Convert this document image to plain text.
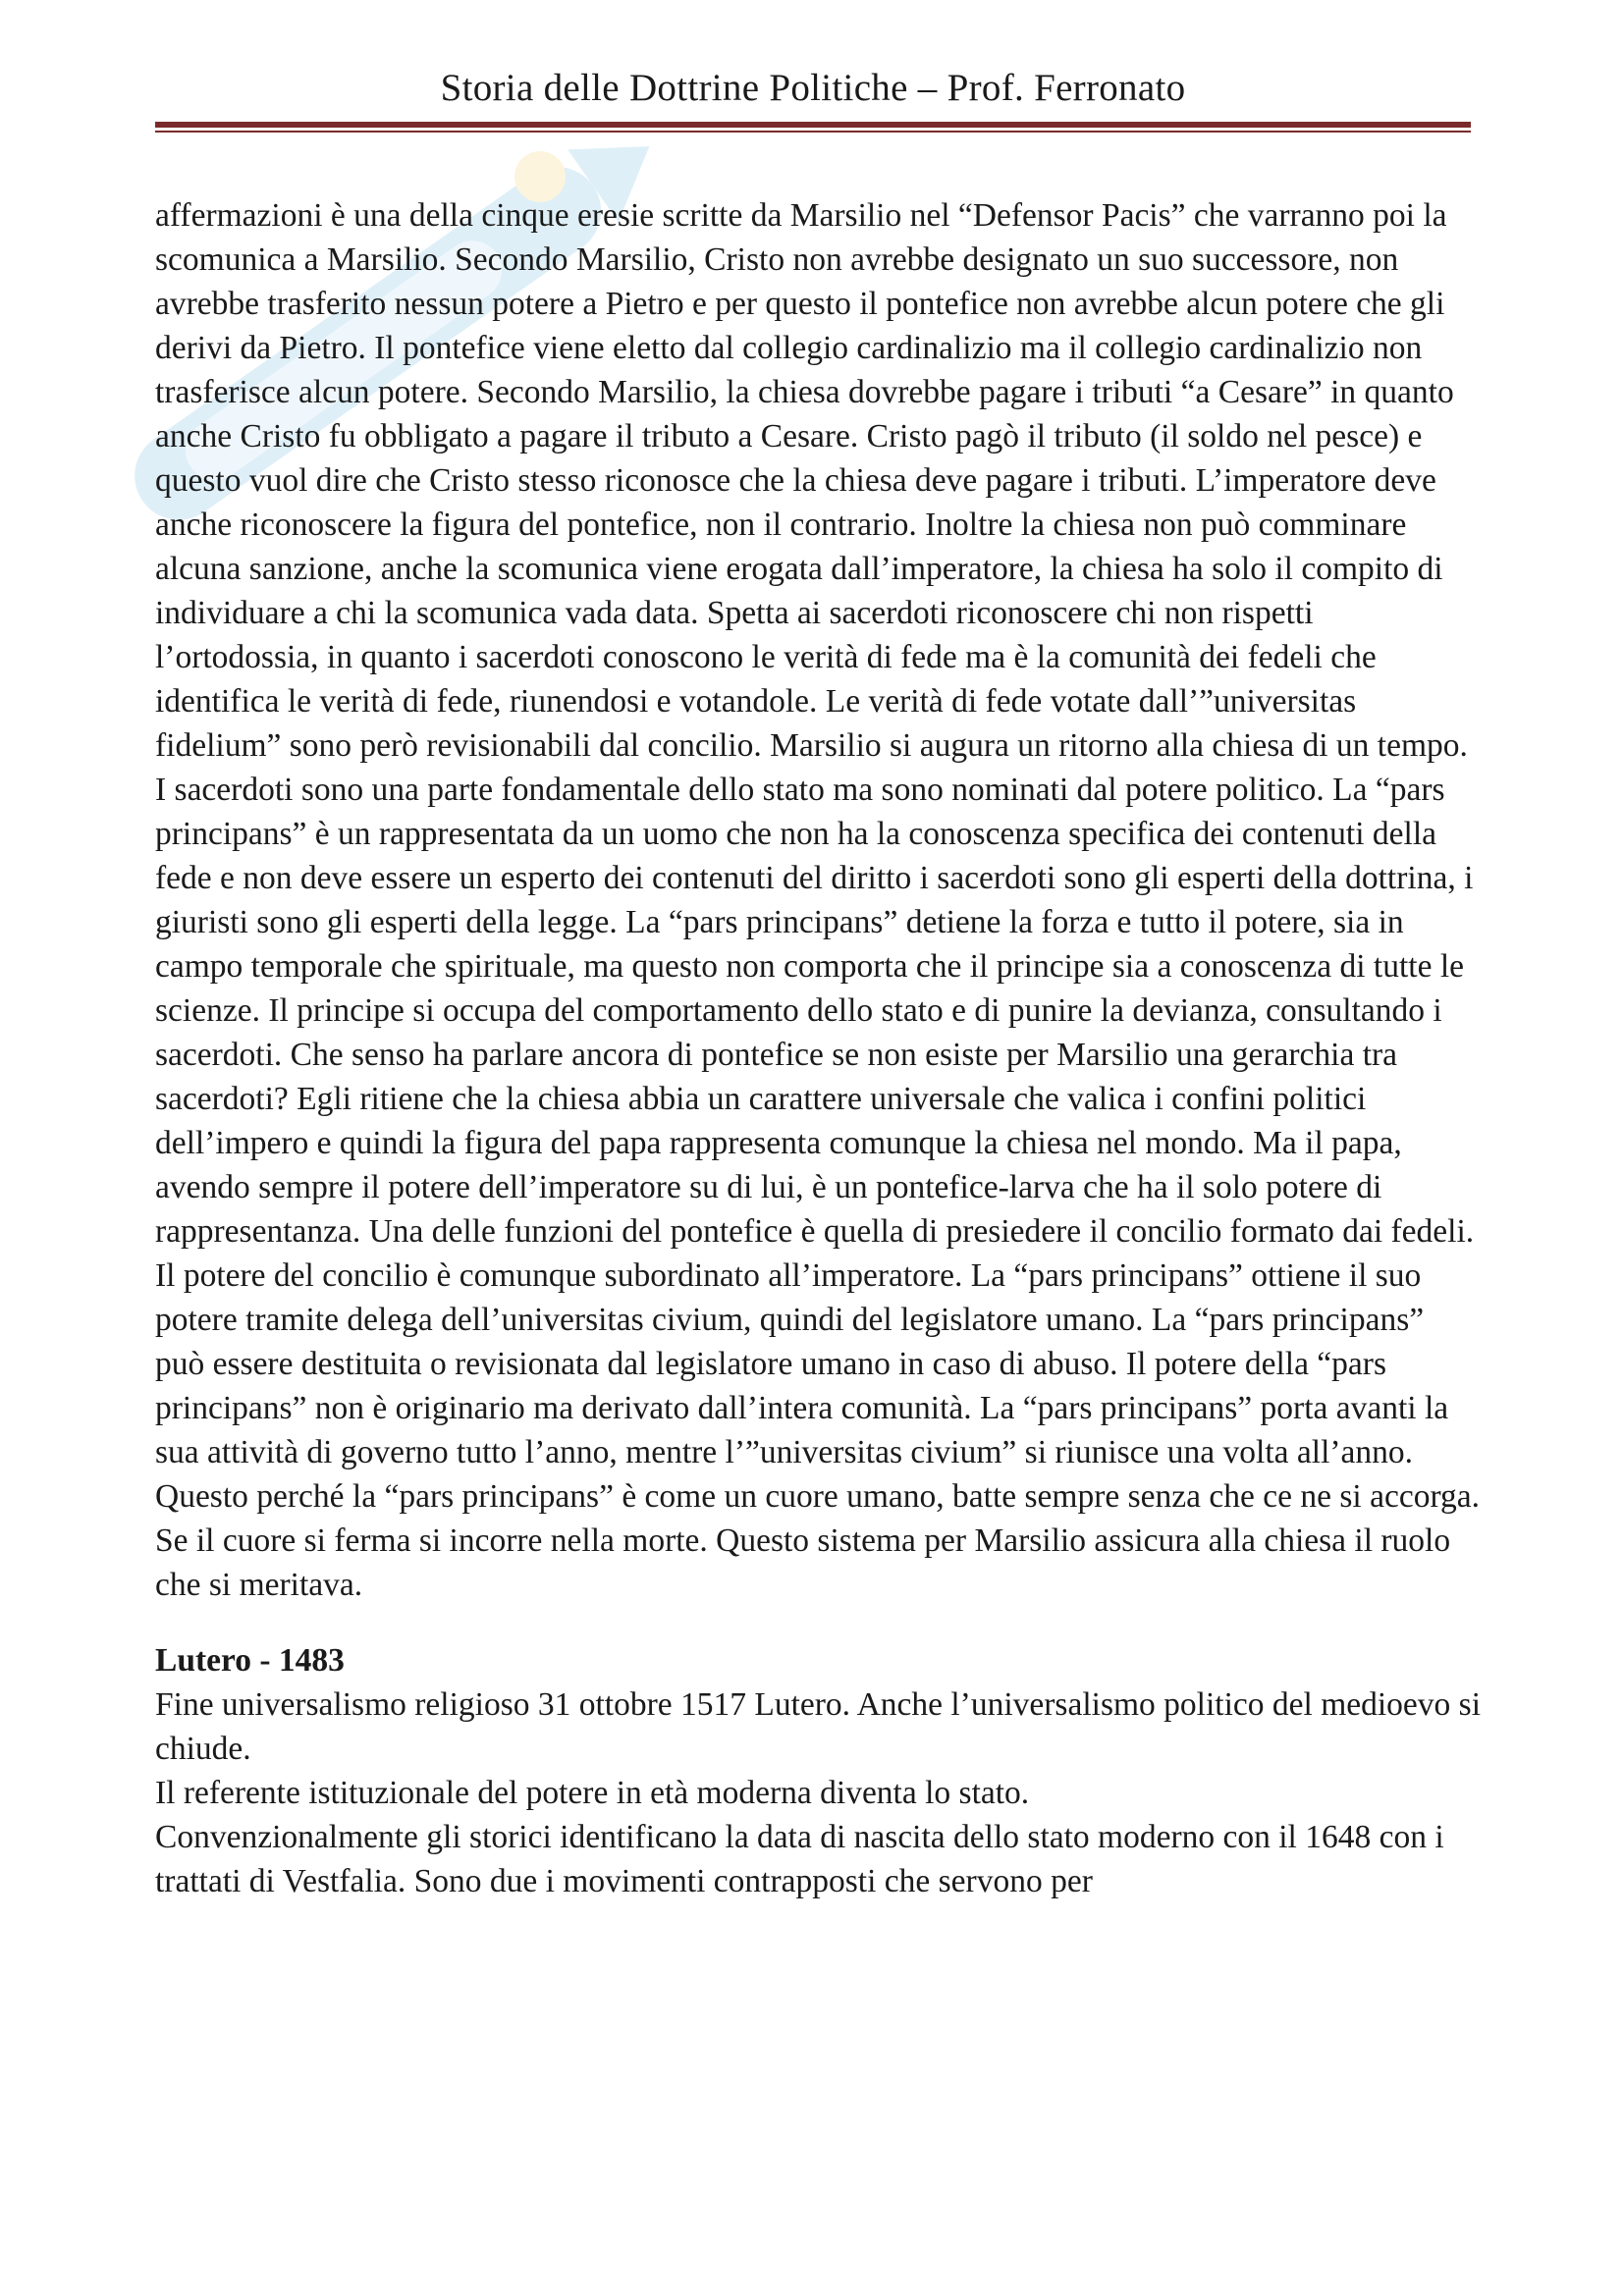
Storia delle Dottrine Politiche – Prof. Ferronato

affermazioni è una della cinque eresie scritte da Marsilio nel “Defensor Pacis” che varranno poi la scomunica a Marsilio. Secondo Marsilio, Cristo non avrebbe designato un suo successore, non avrebbe trasferito nessun potere a Pietro e per questo il pontefice non avrebbe alcun potere che gli derivi da Pietro. Il pontefice viene eletto dal collegio cardinalizio ma il collegio cardinalizio non trasferisce alcun potere. Secondo Marsilio, la chiesa dovrebbe pagare i tributi “a Cesare” in quanto anche Cristo fu obbligato a pagare il tributo a Cesare. Cristo pagò il tributo (il soldo nel pesce) e questo vuol dire che Cristo stesso riconosce che la chiesa deve pagare i tributi. L’imperatore deve anche riconoscere la figura del pontefice, non il contrario. Inoltre la chiesa non può comminare alcuna sanzione, anche la scomunica viene erogata dall’imperatore, la chiesa ha solo il compito di individuare a chi la scomunica vada data. Spetta ai sacerdoti riconoscere chi non rispetti l’ortodossia, in quanto i sacerdoti conoscono le verità di fede ma è la comunità dei fedeli che identifica le verità di fede, riunendosi e votandole. Le verità di fede votate dall’”universitas fidelium” sono però revisionabili dal concilio. Marsilio si augura un ritorno alla chiesa di un tempo. I sacerdoti sono una parte fondamentale dello stato ma sono nominati dal potere politico. La “pars principans” è un rappresentata da un uomo che non ha la conoscenza specifica dei contenuti della fede e non deve essere un esperto dei contenuti del diritto i sacerdoti sono gli esperti della dottrina, i giuristi sono gli esperti della legge. La “pars principans” detiene la forza e tutto il potere, sia in campo temporale che spirituale, ma questo non comporta che il principe sia a conoscenza di tutte le scienze. Il principe si occupa del comportamento dello stato e di punire la devianza, consultando i sacerdoti. Che senso ha parlare ancora di pontefice se non esiste per Marsilio una gerarchia tra sacerdoti? Egli ritiene che la chiesa abbia un carattere universale che valica i confini politici dell’impero e quindi la figura del papa rappresenta comunque la chiesa nel mondo. Ma il papa, avendo sempre il potere dell’imperatore su di lui, è un pontefice-larva che ha il solo potere di rappresentanza. Una delle funzioni del pontefice è quella di presiedere il concilio formato dai fedeli. Il potere del concilio è comunque subordinato all’imperatore. La “pars principans” ottiene il suo potere tramite delega dell’universitas civium, quindi del legislatore umano. La “pars principans” può essere destituita o revisionata dal legislatore umano in caso di abuso. Il potere della “pars principans” non è originario ma derivato dall’intera comunità. La “pars principans” porta avanti la sua attività di governo tutto l’anno, mentre l’”universitas civium” si riunisce una volta all’anno. Questo perché la “pars principans” è come un cuore umano, batte sempre senza che ce ne si accorga. Se il cuore si ferma si incorre nella morte. Questo sistema per Marsilio assicura alla chiesa il ruolo che si meritava.

Lutero - 1483

Fine universalismo religioso 31 ottobre 1517 Lutero. Anche l’universalismo politico del medioevo si chiude.

Il referente istituzionale del potere in età moderna diventa lo stato.

Convenzionalmente gli storici identificano la data di nascita dello stato moderno con il 1648 con i trattati di Vestfalia. Sono due i movimenti contrapposti che servono per
